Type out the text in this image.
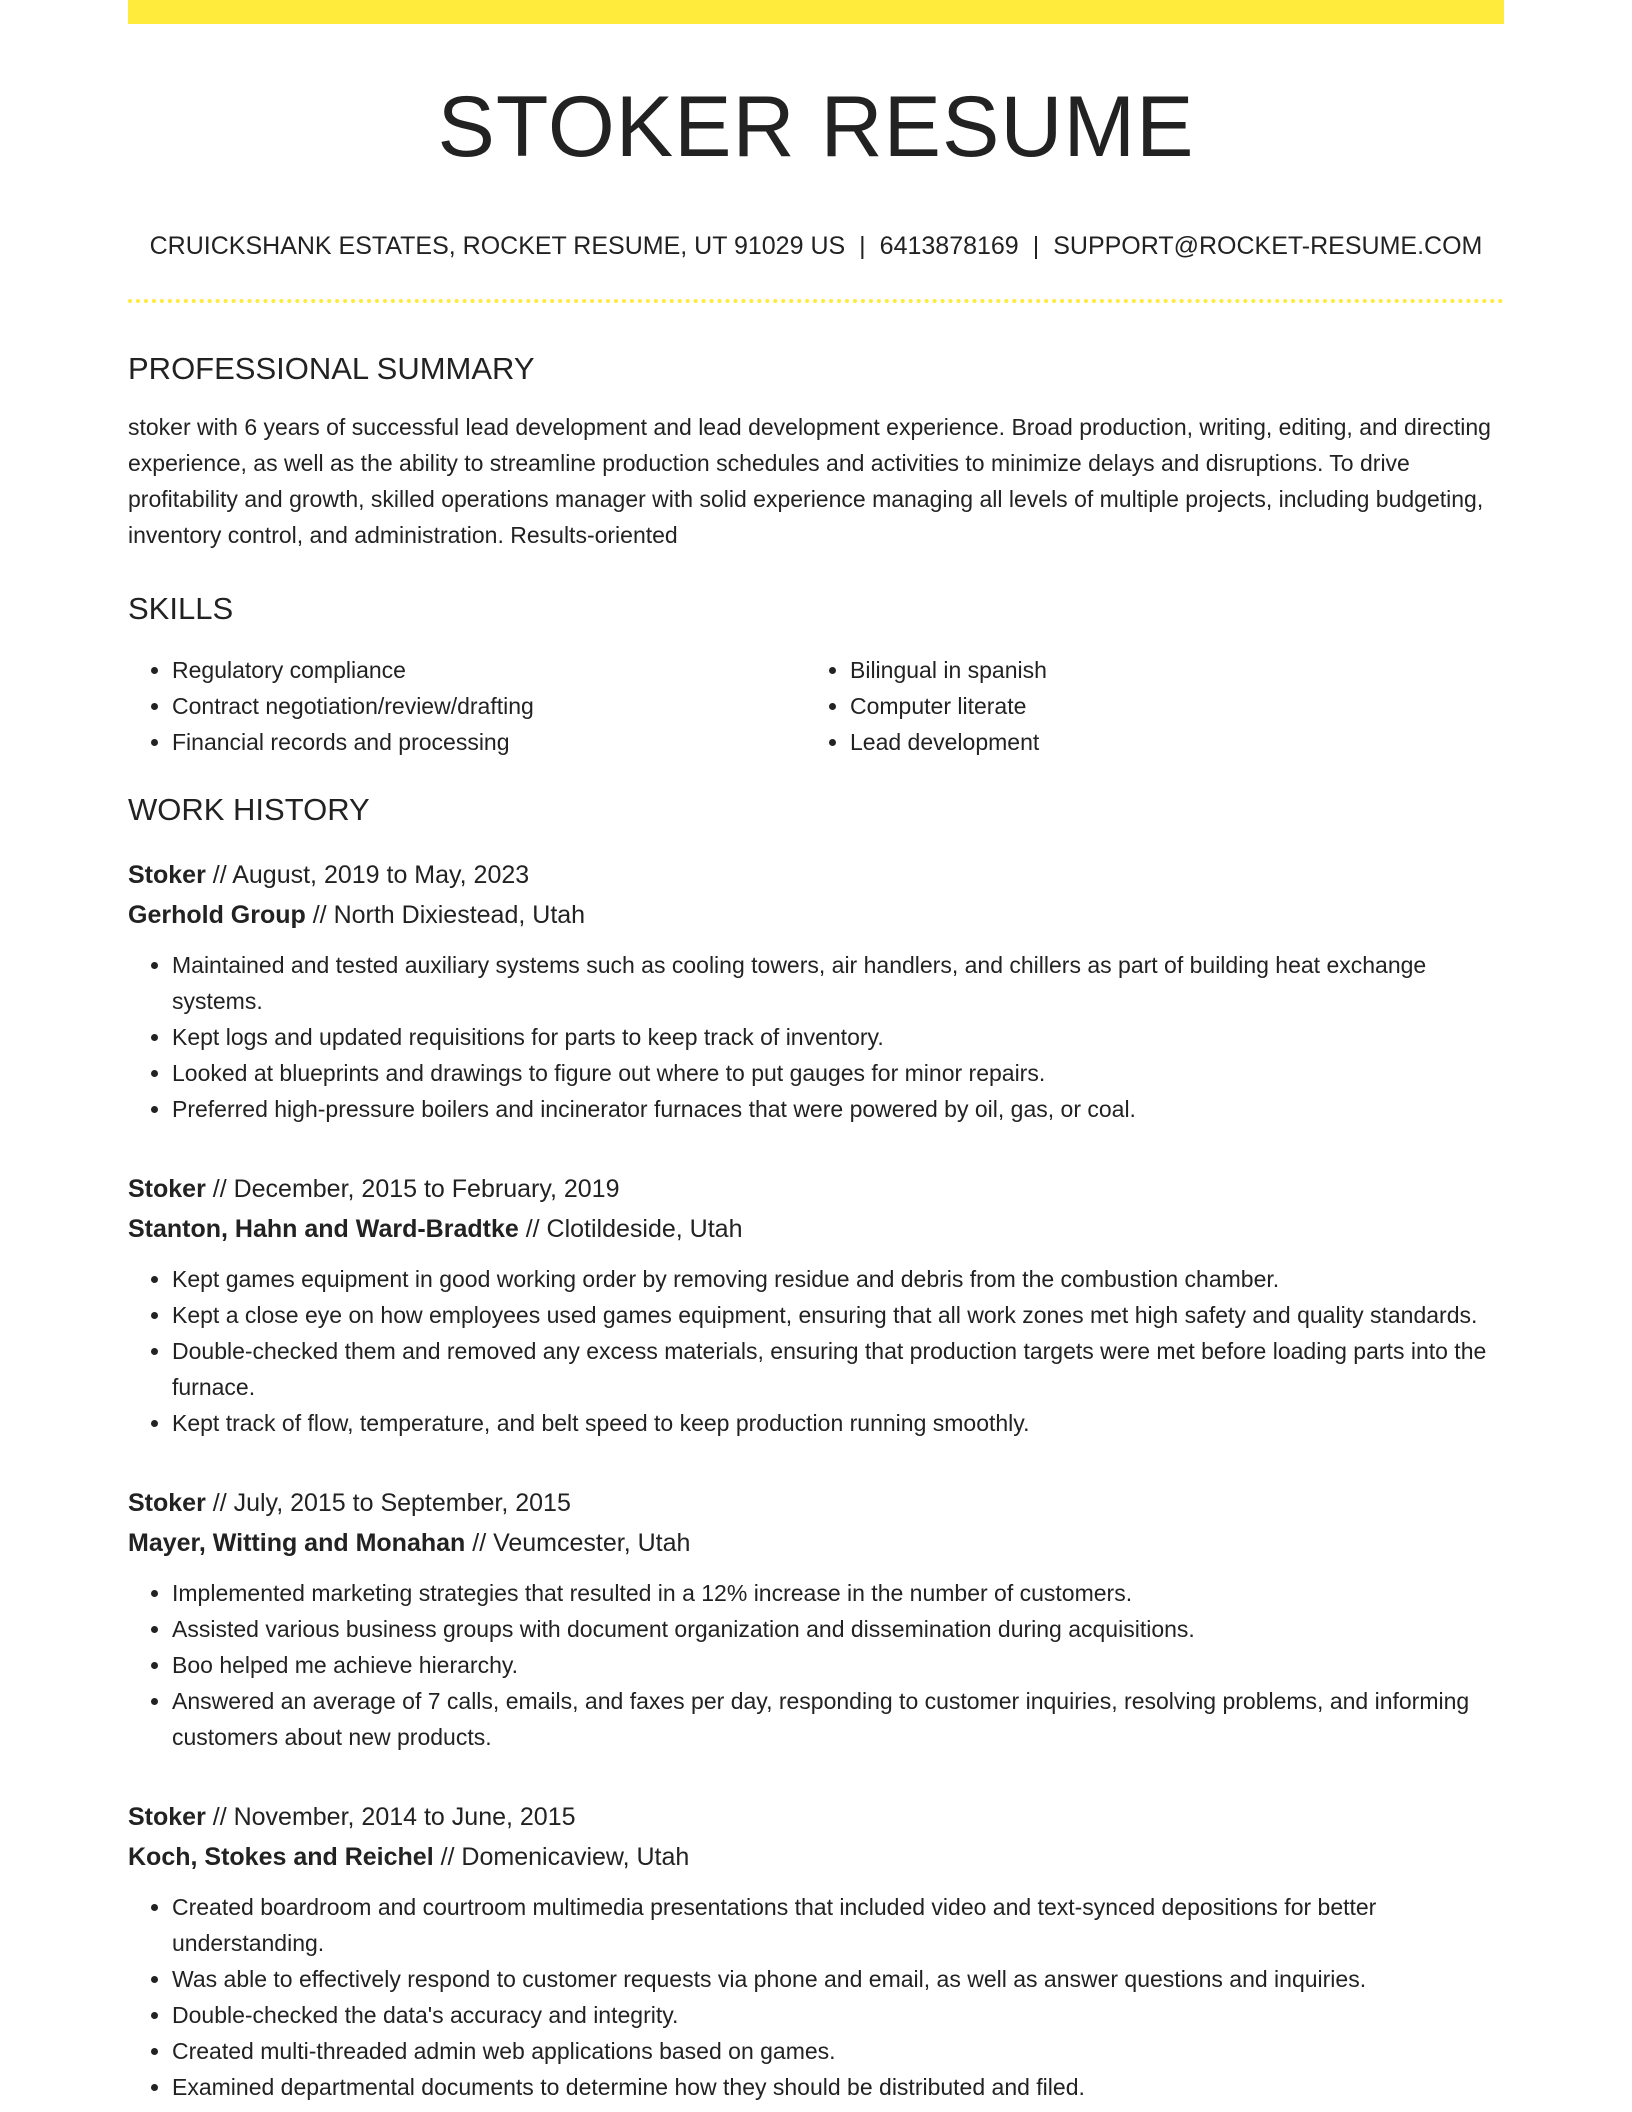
STOKER RESUME
CRUICKSHANK ESTATES, ROCKET RESUME, UT 91029 US | 6413878169 | SUPPORT@ROCKET-RESUME.COM
PROFESSIONAL SUMMARY
stoker with 6 years of successful lead development and lead development experience. Broad production, writing, editing, and directing experience, as well as the ability to streamline production schedules and activities to minimize delays and disruptions. To drive profitability and growth, skilled operations manager with solid experience managing all levels of multiple projects, including budgeting, inventory control, and administration. Results-oriented
SKILLS
• Regulatory compliance
• Contract negotiation/review/drafting
• Financial records and processing
• Bilingual in spanish
• Computer literate
• Lead development
WORK HISTORY
Stoker // August, 2019 to May, 2023
Gerhold Group // North Dixiestead, Utah
• Maintained and tested auxiliary systems such as cooling towers, air handlers, and chillers as part of building heat exchange systems.
• Kept logs and updated requisitions for parts to keep track of inventory.
• Looked at blueprints and drawings to figure out where to put gauges for minor repairs.
• Preferred high-pressure boilers and incinerator furnaces that were powered by oil, gas, or coal.
Stoker // December, 2015 to February, 2019
Stanton, Hahn and Ward-Bradtke // Clotildeside, Utah
• Kept games equipment in good working order by removing residue and debris from the combustion chamber.
• Kept a close eye on how employees used games equipment, ensuring that all work zones met high safety and quality standards.
• Double-checked them and removed any excess materials, ensuring that production targets were met before loading parts into the furnace.
• Kept track of flow, temperature, and belt speed to keep production running smoothly.
Stoker // July, 2015 to September, 2015
Mayer, Witting and Monahan // Veumcester, Utah
• Implemented marketing strategies that resulted in a 12% increase in the number of customers.
• Assisted various business groups with document organization and dissemination during acquisitions.
• Boo helped me achieve hierarchy.
• Answered an average of 7 calls, emails, and faxes per day, responding to customer inquiries, resolving problems, and informing customers about new products.
Stoker // November, 2014 to June, 2015
Koch, Stokes and Reichel // Domenicaview, Utah
• Created boardroom and courtroom multimedia presentations that included video and text-synced depositions for better understanding.
• Was able to effectively respond to customer requests via phone and email, as well as answer questions and inquiries.
• Double-checked the data's accuracy and integrity.
• Created multi-threaded admin web applications based on games.
• Examined departmental documents to determine how they should be distributed and filed.
